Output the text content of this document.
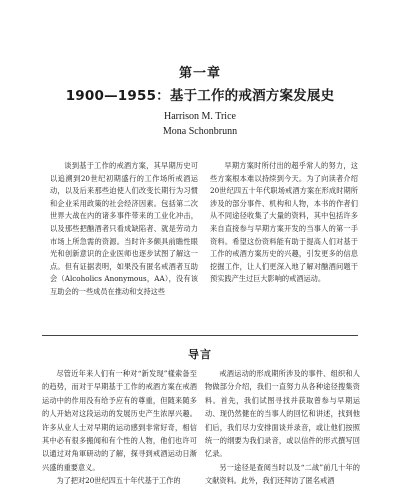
第一章
1900—1955：基于工作的戒酒方案发展史
Harrison M. Trice
Mona Schonbrunn

谈到基于工作的戒酒方案，其早期历史可以追溯到20世纪初期盛行的工作场所戒酒运动，以及后来那些迫使人们改变长期行为习惯和企业采用政策的社会经济因素。包括第二次世界大战在内的诸多事件带来的工业化冲击，以及那些把酗酒者只看成缺陷者、就是劳动力市场上所急需的资源。当时许多颇具前瞻性眼光和创新意识的企业医师也逐步试图了解这一点。但有证据表明，如果没有匿名戒酒者互助会（Alcoholics Anonymous，AA），没有该互助会的一些成员在推动和支持这些

早期方案时所付出的超乎常人的努力，这些方案根本难以持续到今天。为了向读者介绍20世纪四五十年代职场戒酒方案在形成时期所涉及的部分事件、机构和人物，本书的作者们从不同途径收集了大量的资料，其中包括许多来自直接参与早期方案开发的当事人的第一手资料。希望这份资料能有助于提高人们对基于工作的戒酒方案历史的兴趣，引发更多的信息挖掘工作，让人们更深入地了解对酗酒问题干预实践产生过巨大影响的戒酒运动。

导言

尽管近年来人们有一种对“新发现”樣索备至的趋势，而对于早期基于工作的戒酒方案在戒酒运动中的作用没有给予应有的尊重，但随来随多的人开始对这段运动的发展历史产生浓厚兴趣。许多从业人士对早期的运动感到非常好奇，相信其中必有很多搬闻和有个性的人物，他们也许可以通过对角軍研动的了解，探寻到戒酒运动日渐兴盛的重要意义。

为了把对20世纪四五十年代基于工作的

戒酒运动的形成期所涉及的事件、组织和人物做部分介绍，我们一直努力从各种途径搜集资料。首先，我们试图寻找并获取曾参与早期运动、现仍然健在的当事人的回忆和讲述，找到他们后，我们尽力安排面谈并录音，或让他们按照统一的纲要为我们录音，或以信件的形式撰写回忆录。

另一途径是查阅当时以及“二战”前几十年的文献资料。此外，我们还拜访了匿名戒酒
